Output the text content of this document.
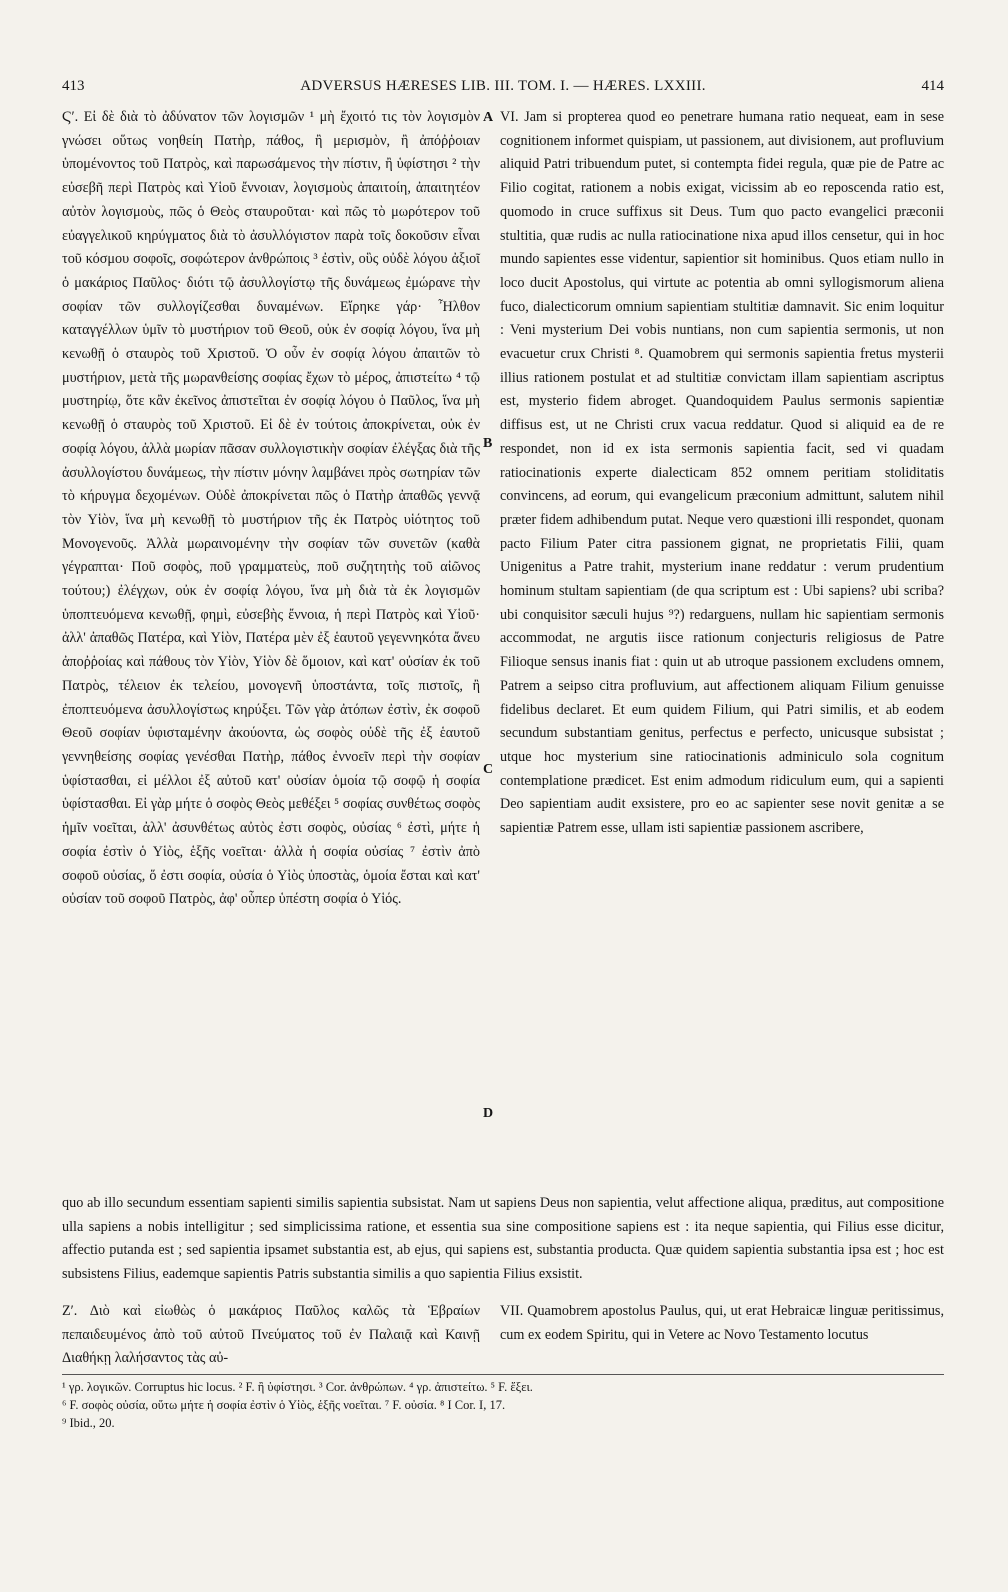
413	ADVERSUS HÆRESES LIB. III. TOM. I. — HÆRES. LXXIII.	414

Ϛʹ. Εἰ δὲ διὰ τὸ ἀδύνατον τῶν λογισμῶν ¹ μὴ ἔχοιτό τις τὸν λογισμὸν γνώσει οὕτως νοηθείη Πατὴρ, πάθος, ἢ μερισμὸν, ἢ ἀπόῤῥοιαν ὑπομένοντος τοῦ Πατρὸς, καὶ παρωσάμενος τὴν πίστιν, ἢ ὑφίστησι ² τὴν εὐσεβῆ περὶ Πατρὸς καὶ Υἱοῦ ἔννοιαν, λογισμοὺς ἀπαιτοίη, ἀπαιτητέον αὐτὸν λογισμοὺς, πῶς ὁ Θεὸς σταυροῦται· καὶ πῶς τὸ μωρότερον τοῦ εὐαγγελικοῦ κηρύγματος διὰ τὸ ἀσυλλόγιστον παρὰ τοῖς δοκοῦσιν εἶναι τοῦ κόσμου σοφοῖς, σοφώτερον ἀνθρώποις ³ ἐστὶν, οὓς οὐδὲ λόγου ἀξιοῖ ὁ μακάριος Παῦλος· διότι τῷ ἀσυλλογίστῳ τῆς δυνάμεως ἐμώρανε τὴν σοφίαν τῶν συλλογίζεσθαι δυναμένων. Εἴρηκε γάρ· Ἦλθον καταγγέλλων ὑμῖν τὸ μυστήριον τοῦ Θεοῦ, οὐκ ἐν σοφίᾳ λόγου, ἵνα μὴ κενωθῇ ὁ σταυρὸς τοῦ Χριστοῦ. Ὁ οὖν ἐν σοφίᾳ λόγου ἀπαιτῶν τὸ μυστήριον, μετὰ τῆς μωρανθείσης σοφίας ἔχων τὸ μέρος, ἀπιστείτω ⁴ τῷ μυστηρίῳ, ὅτε κἂν ἐκεῖνος ἀπιστεῖται ἐν σοφίᾳ λόγου ὁ Παῦλος, ἵνα μὴ κενωθῇ ὁ σταυρὸς τοῦ Χριστοῦ. Εἰ δὲ ἐν τούτοις ἀποκρίνεται, οὐκ ἐν σοφίᾳ λόγου, ἀλλὰ μωρίαν πᾶσαν συλλογιστικὴν σοφίαν ἐλέγξας διὰ τῆς ἀσυλλογίστου δυνάμεως, τὴν πίστιν μόνην λαμβάνει πρὸς σωτηρίαν τῶν τὸ κήρυγμα δεχομένων. Οὐδὲ ἀποκρίνεται πῶς ὁ Πατὴρ ἀπαθῶς γεννᾷ τὸν Υἱὸν, ἵνα μὴ κενωθῇ τὸ μυστήριον τῆς ἐκ Πατρὸς υἱότητος τοῦ Μονογενοῦς. Ἀλλὰ μωραινομένην τὴν σοφίαν τῶν συνετῶν (καθὰ γέγραπται· Ποῦ σοφὸς, ποῦ γραμματεὺς, ποῦ συζητητὴς τοῦ αἰῶνος τούτου;) ἐλέγχων, οὐκ ἐν σοφίᾳ λόγου, ἵνα μὴ διὰ τὰ ἐκ λογισμῶν ὑποπτευόμενα κενωθῇ, φημὶ, εὐσεβὴς ἔννοια, ἡ περὶ Πατρὸς καὶ Υἱοῦ· ἀλλ' ἀπαθῶς Πατέρα, καὶ Υἱὸν, Πατέρα μὲν ἐξ ἑαυτοῦ γεγεννηκότα ἄνευ ἀποῤῥοίας καὶ πάθους τὸν Υἱὸν, Υἱὸν δὲ ὅμοιον, καὶ κατ' οὐσίαν ἐκ τοῦ Πατρὸς, τέλειον ἐκ τελείου, μονογενῆ ὑποστάντα, τοῖς πιστοῖς, ἢ ἐποπτευόμενα ἀσυλλογίστως κηρύξει. Τῶν γὰρ ἀτόπων ἐστὶν, ἐκ σοφοῦ Θεοῦ σοφίαν ὑφισταμένην ἀκούοντα, ὡς σοφὸς οὐδὲ τῆς ἐξ ἑαυτοῦ γεννηθείσης σοφίας γενέσθαι Πατὴρ, πάθος ἐννοεῖν περὶ τὴν σοφίαν ὑφίστασθαι, εἰ μέλλοι ἐξ αὐτοῦ κατ' οὐσίαν ὁμοία τῷ σοφῷ ἡ σοφία ὑφίστασθαι. Εἰ γὰρ μήτε ὁ σοφὸς Θεὸς μεθέξει ⁵ σοφίας συνθέτως σοφὸς ἡμῖν νοεῖται, ἀλλ' ἀσυνθέτως αὐτὸς ἐστι σοφὸς, οὐσίας ⁶ ἐστὶ, μήτε ἡ σοφία ἐστὶν ὁ Υἱὸς, ἑξῆς νοεῖται· ἀλλὰ ἡ σοφία οὐσίας ⁷ ἐστὶν ἀπὸ σοφοῦ οὐσίας, ὅ ἐστι σοφία, οὐσία ὁ Υἱὸς ὑποστὰς, ὁμοία ἔσται καὶ κατ' οὐσίαν τοῦ σοφοῦ Πατρὸς, ἀφ' οὗπερ ὑπέστη σοφία ὁ Υἱός.

VI. Jam si propterea quod eo penetrare humana ratio nequeat, eam in sese cognitionem informet quispiam, ut passionem, aut divisionem, aut profluvium aliquid Patri tribuendum putet, si contempta fidei regula, quæ pie de Patre ac Filio cogitat, rationem a nobis exigat, vicissim ab eo reposcenda ratio est, quomodo in cruce suffixus sit Deus. Tum quo pacto evangelici præconii stultitia, quæ rudis ac nulla ratiocinatione nixa apud illos censetur, qui in hoc mundo sapientes esse videntur, sapientior sit hominibus. Quos etiam nullo in loco ducit Apostolus, qui virtute ac potentia ab omni syllogismorum aliena fuco, dialecticorum omnium sapientiam stultitiæ damnavit. Sic enim loquitur : Veni mysterium Dei vobis nuntians, non cum sapientia sermonis, ut non evacuetur crux Christi ⁸. Quamobrem qui sermonis sapientia fretus mysterii illius rationem postulat et ad stultitiæ convictam illam sapientiam ascriptus est, mysterio fidem abroget. Quandoquidem Paulus sermonis sapientiæ diffisus est, ut ne Christi crux vacua reddatur. Quod si aliquid ea de re respondet, non id ex ista sermonis sapientia facit, sed vi quadam ratiocinationis experte dialecticam 852 omnem peritiam stoliditatis convincens, ad eorum, qui evangelicum præconium admittunt, salutem nihil præter fidem adhibendum putat. Neque vero quæstioni illi respondet, quonam pacto Filium Pater citra passionem gignat, ne proprietatis Filii, quam Unigenitus a Patre trahit, mysterium inane reddatur : verum prudentium hominum stultam sapientiam (de qua scriptum est : Ubi sapiens? ubi scriba? ubi conquisitor sæculi hujus ⁹?) redarguens, nullam hic sapientiam sermonis accommodat, ne argutis iisce rationum conjecturis religiosus de Patre Filioque sensus inanis fiat : quin ut ab utroque passionem excludens omnem, Patrem a seipso citra profluvium, aut affectionem aliquam Filium genuisse fidelibus declaret. Et eum quidem Filium, qui Patri similis, et ab eodem secundum substantiam genitus, perfectus e perfecto, unicusque subsistat ; utque hoc mysterium sine ratiocinationis adminiculo sola cognitum contemplatione prædicet. Est enim admodum ridiculum eum, qui a sapienti Deo sapientiam audit exsistere, pro eo ac sapienter sese novit genitæ a se sapientiæ Patrem esse, ullam isti sapientiæ passionem ascribere,

A
B
C
D

quo ab illo secundum essentiam sapienti similis sapientia subsistat. Nam ut sapiens Deus non sapientia, velut affectione aliqua, præditus, aut compositione ulla sapiens a nobis intelligitur ; sed simplicissima ratione, et essentia sua sine compositione sapiens est : ita neque sapientia, qui Filius esse dicitur, affectio putanda est ; sed sapientia ipsamet substantia est, ab ejus, qui sapiens est, substantia producta. Quæ quidem sapientia substantia ipsa est ; hoc est subsistens Filius, eademque sapientis Patris substantia similis a quo sapientia Filius exsistit.

Ζʹ. Διὸ καὶ εἰωθὼς ὁ μακάριος Παῦλος καλῶς τὰ Ἑβραίων πεπαιδευμένος ἀπὸ τοῦ αὐτοῦ Πνεύματος τοῦ ἐν Παλαιᾷ καὶ Καινῇ Διαθήκῃ λαλήσαντος τὰς αὐ-

VII. Quamobrem apostolus Paulus, qui, ut erat Hebraicæ linguæ peritissimus, cum ex eodem Spiritu, qui in Vetere ac Novo Testamento locutus

¹ γρ. λογικῶν. Corruptus hic locus. ² F. ἢ ὑφίστησι. ³ Cor. ἀνθρώπων. ⁴ γρ. ἀπιστείτω. ⁵ F. ἕξει.

⁶ F. σοφὸς οὐσία, οὕτω μήτε ἡ σοφία ἐστὶν ὁ Υἱὸς, ἑξῆς νοεῖται. ⁷ F. οὐσία. ⁸ I Cor. I, 17.

⁹ Ibid., 20.
